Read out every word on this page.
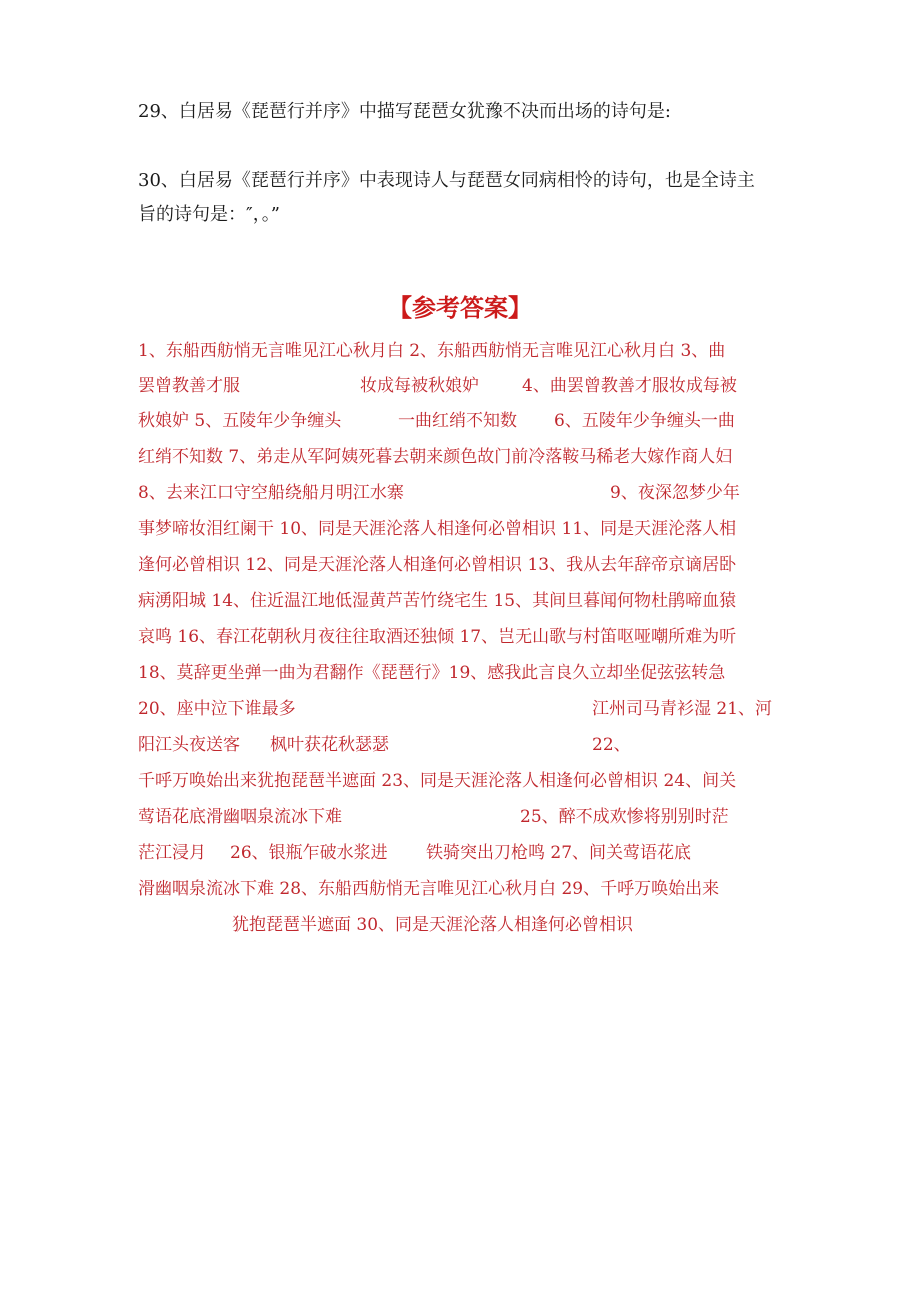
29、白居易《琵琶行并序》中描写琵琶女犹豫不决而出场的诗句是:
30、白居易《琵琶行并序》中表现诗人与琵琶女同病相怜的诗句，也是全诗主
旨的诗句是：″，。”
【参考答案】
1、东船西舫悄无言唯见江心秋月白 2、东船西舫悄无言唯见江心秋月白 3、曲
罢曾教善才服	妆成每被秋娘妒	4、曲罢曾教善才服妆成每被
秋娘妒 5、五陵年少争缠头	一曲红绡不知数 6、五陵年少争缠头一曲
红绡不知数 7、弟走从军阿姨死暮去朝来颜色故门前冷落鞍马稀老大嫁作商人妇
8、去来江口守空船绕船月明江水寨	9、夜深忽梦少年
事梦啼妆泪红阑干 10、同是天涯沦落人相逢何必曾相识 11、同是天涯沦落人相
逢何必曾相识 12、同是天涯沦落人相逢何必曾相识 13、我从去年辞帝京谪居卧
病湧阳城 14、住近温江地低湿黄芦苦竹绕宅生 15、其间旦暮闻何物杜鹃啼血猿
哀鸣 16、春江花朝秋月夜往往取酒还独倾 17、岂无山歌与村笛呕哑嘲所难为听
18、莫辞更坐弹一曲为君翻作《琵琶行》19、感我此言良久立却坐促弦弦转急
20、座中泣下谁最多	江州司马青衫湿 21、河
阳江头夜送客 枫叶获花秋瑟瑟	22、
千呼万唤始出来犹抱琵琶半遮面 23、同是天涯沦落人相逢何必曾相识 24、间关
莺语花底滑幽咽泉流冰下难	25、醉不成欢惨将别别时茫
茫江浸月 26、银瓶乍破水浆进 铁骑突出刀枪鸣 27、间关莺语花底
滑幽咽泉流冰下难 28、东船西舫悄无言唯见江心秋月白 29、千呼万唤始出来
犹抱琵琶半遮面 30、同是天涯沦落人相逢何必曾相识
